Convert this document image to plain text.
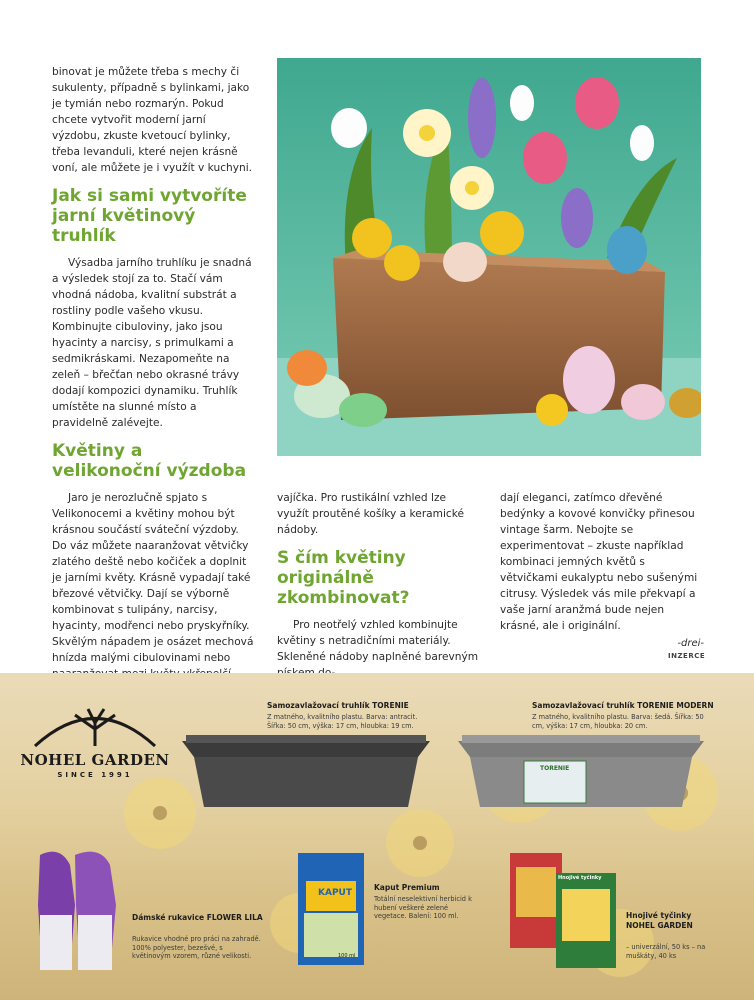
binovat je můžete třeba s mechy či sukulenty, případně s bylinkami, jako je tymián nebo rozmarýn. Pokud chcete vytvořit moderní jarní výzdobu, zkuste kvetoucí bylinky, třeba levanduli, které nejen krásně voní, ale můžete je i využít v kuchyni.

Jak si sami vytvoříte jarní květinový truhlík

Výsadba jarního truhlíku je snadná a výsledek stojí za to. Stačí vám vhodná nádoba, kvalitní substrát a rostliny podle vašeho vkusu. Kombinujte cibuloviny, jako jsou hyacinty a narcisy, s primulkami a sedmikráskami. Nezapomeňte na zeleň – břečťan nebo okrasné trávy dodají kompozici dynamiku. Truhlík umístěte na slunné místo a pravidelně zalévejte.

Květiny a velikonoční výzdoba

Jaro je nerozlučně spjato s Velikonocemi a květiny mohou být krásnou součástí sváteční výzdoby. Do váz můžete naaranžovat větvičky zlatého deště nebo kočiček a doplnit je jarními květy. Krásně vypadají také březové větvičky. Dají se výborně kombinovat s tulipány, narcisy, hyacinty, modřenci nebo pryskyřníky. Skvělým nápadem je osázet mechová hnízda malými cibulovinami nebo

vajíčka. Pro rustikální vzhled lze využít proutěné košíky a keramické nádoby.

S čím květiny originálně zkombinovat?

Pro neotřelý vzhled kombinujte květiny s netradičními materiály. Skleněné nádoby naplněné barevným

dají eleganci, zatímco dřevěné bedýnky a kovové konvičky přinesou vintage šarm. Nebojte se experimentovat – zkuste například kombinaci jemných květů s větvičkami eukalyptu nebo sušenými citrusy. Výsledek vás mile překvapí a vaše jarní aranžmá bude nejen krásné, ale i originální.

-drei-
INZERCE
NOHEL GARDEN
SINCE 1991
Samozavlažovací truhlík TORENIE
Z matného, kvalitního plastu. Barva: antracit. Šířka: 50 cm, výška: 17 cm, hloubka: 19 cm.
Samozavlažovací truhlík TORENIE MODERN
Z matného, kvalitního plastu. Barva: šedá. Šířka: 50 cm, výška: 17 cm, hloubka: 20 cm.
TORENIE
Dámské rukavice FLOWER LILA
Rukavice vhodné pro práci na zahradě. 100% polyester, bezešvé, s květinovým vzorem, různé velikosti.
KAPUT
100 ml
Kaput Premium
Totální neselektivní herbicid k hubení veškeré zelené vegetace. Balení: 100 ml.
Hnojivé tyčinky
Hnojivé tyčinky NOHEL GARDEN
– univerzální, 50 ks – na muškáty, 40 ks
